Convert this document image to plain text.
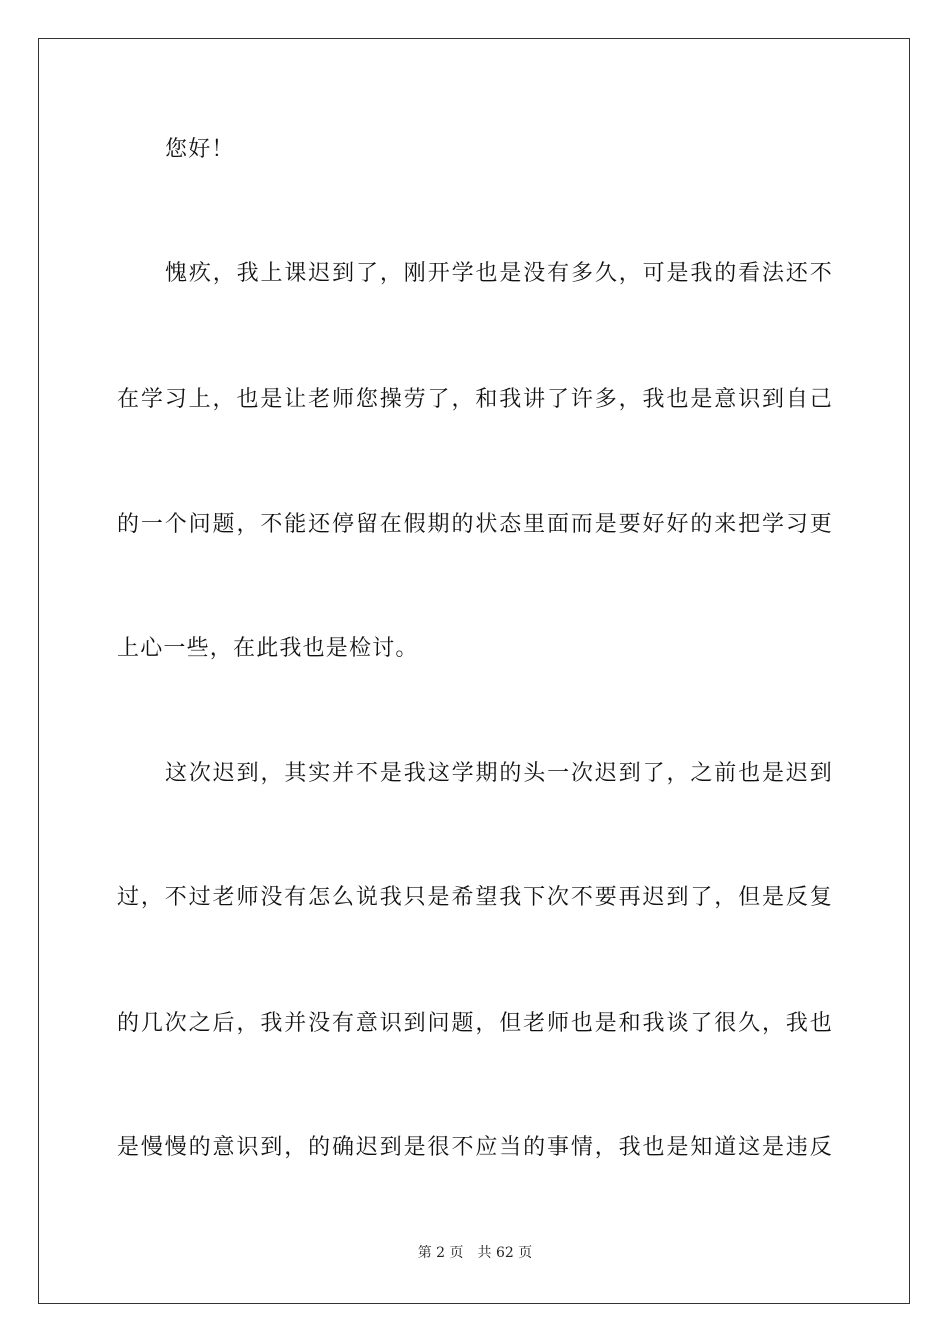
您好！
愧疚，我上课迟到了，刚开学也是没有多久，可是我的看法还不
在学习上，也是让老师您操劳了，和我讲了许多，我也是意识到自己
的一个问题，不能还停留在假期的状态里面而是要好好的来把学习更
上心一些，在此我也是检讨。
这次迟到，其实并不是我这学期的头一次迟到了，之前也是迟到
过，不过老师没有怎么说我只是希望我下次不要再迟到了，但是反复
的几次之后，我并没有意识到问题，但老师也是和我谈了很久，我也
是慢慢的意识到，的确迟到是很不应当的事情，我也是知道这是违反
第 2 页 共 62 页
